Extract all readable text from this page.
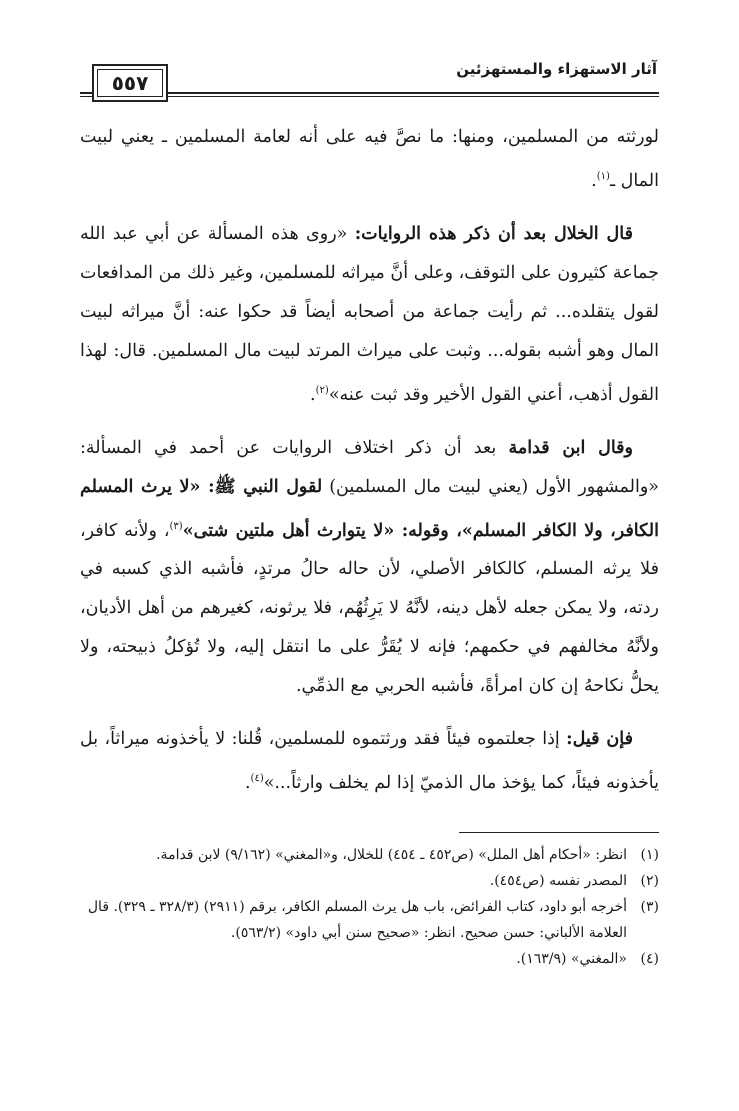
آثار الاستهزاء والمستهزئين
٥٥٧

لورثته من المسلمين، ومنها: ما نصَّ فيه على أنه لعامة المسلمين ـ يعني لبيت المال ـ$^{(١)}$.

قال الخلال بعد أن ذكر هذه الروايات: «روى هذه المسألة عن أبي عبد الله جماعة كثيرون على التوقف، وعلى أنَّ ميراثه للمسلمين، وغير ذلك من المدافعات لقول يتقلده... ثم رأيت جماعة من أصحابه أيضاً قد حكوا عنه: أنَّ ميراثه لبيت المال وهو أشبه بقوله... وثبت على ميراث المرتد لبيت مال المسلمين. قال: لهذا القول أذهب، أعني القول الأخير وقد ثبت عنه»$^{(٢)}$.

وقال ابن قدامة بعد أن ذكر اختلاف الروايات عن أحمد في المسألة: «والمشهور الأول (يعني لبيت مال المسلمين) لقول النبي ﷺ: «لا يرث المسلم الكافر، ولا الكافر المسلم»، وقوله: «لا يتوارث أهل ملتين شتى»$^{(٣)}$، ولأنه كافر، فلا يرثه المسلم، كالكافر الأصلي، لأن حاله حالُ مرتدٍ، فأشبه الذي كسبه في ردته، ولا يمكن جعله لأهل دينه، لأنَّهُ لا يَرِثُهُم، فلا يرثونه، كغيرهم من أهل الأديان، ولأنَّهُ مخالفهم في حكمهم؛ فإنه لا يُقَرُّ على ما انتقل إليه، ولا تُؤكلُ ذبيحته، ولا يحلُّ نكاحهُ إن كان امرأةً، فأشبه الحربي مع الذمِّي.

فإن قيل: إذا جعلتموه فيئاً فقد ورثتموه للمسلمين، قُلنا: لا يأخذونه ميراثاً، بل يأخذونه فيئاً، كما يؤخذ مال الذميّ إذا لم يخلف وارثاً...»$^{(٤)}$.

(١)
انظر: «أحكام أهل الملل» (ص٤٥٢ ـ ٤٥٤) للخلال، و«المغني» (٩/١٦٢) لابن قدامة.

(٢)
المصدر نفسه (ص٤٥٤).

(٣)
أخرجه أبو داود، كتاب الفرائض، باب هل يرث المسلم الكافر، برقم (٢٩١١) (٣٢٨/٣ ـ ٣٢٩). قال العلامة الألباني: حسن صحيح. انظر: «صحيح سنن أبي داود» (٥٦٣/٢).

(٤)
«المغني» (١٦٣/٩).
